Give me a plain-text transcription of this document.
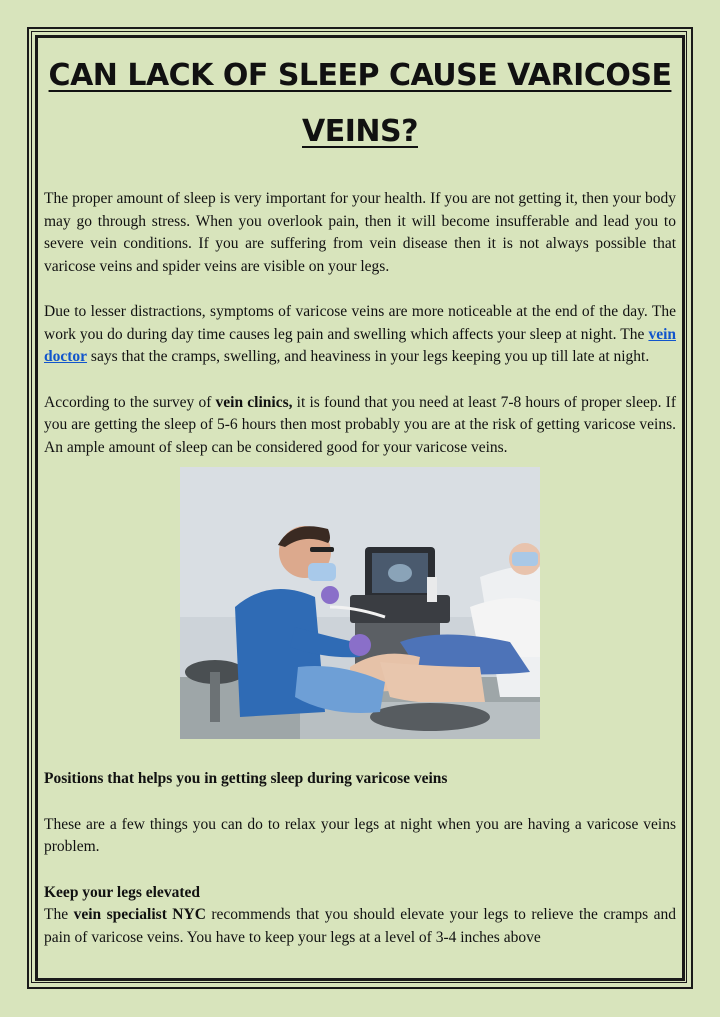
CAN LACK OF SLEEP CAUSE VARICOSE
VEINS?

The proper amount of sleep is very important for your health. If you are not getting it, then your body may go through stress. When you overlook pain, then it will become insufferable and lead you to severe vein conditions. If you are suffering from vein disease then it is not always possible that varicose veins and spider veins are visible on your legs.

Due to lesser distractions, symptoms of varicose veins are more noticeable at the end of the day. The work you do during day time causes leg pain and swelling which affects your sleep at night. The vein doctor says that the cramps, swelling, and heaviness in your legs keeping you up till late at night.

According to the survey of vein clinics, it is found that you need at least 7-8 hours of proper sleep. If you are getting the sleep of 5-6 hours then most probably you are at the risk of getting varicose veins. An ample amount of sleep can be considered good for your varicose veins.

Positions that helps you in getting sleep during varicose veins

These are a few things you can do to relax your legs at night when you are having a varicose veins problem.

Keep your legs elevated

The vein specialist NYC recommends that you should elevate your legs to relieve the cramps and pain of varicose veins. You have to keep your legs at a level of 3-4 inches above
